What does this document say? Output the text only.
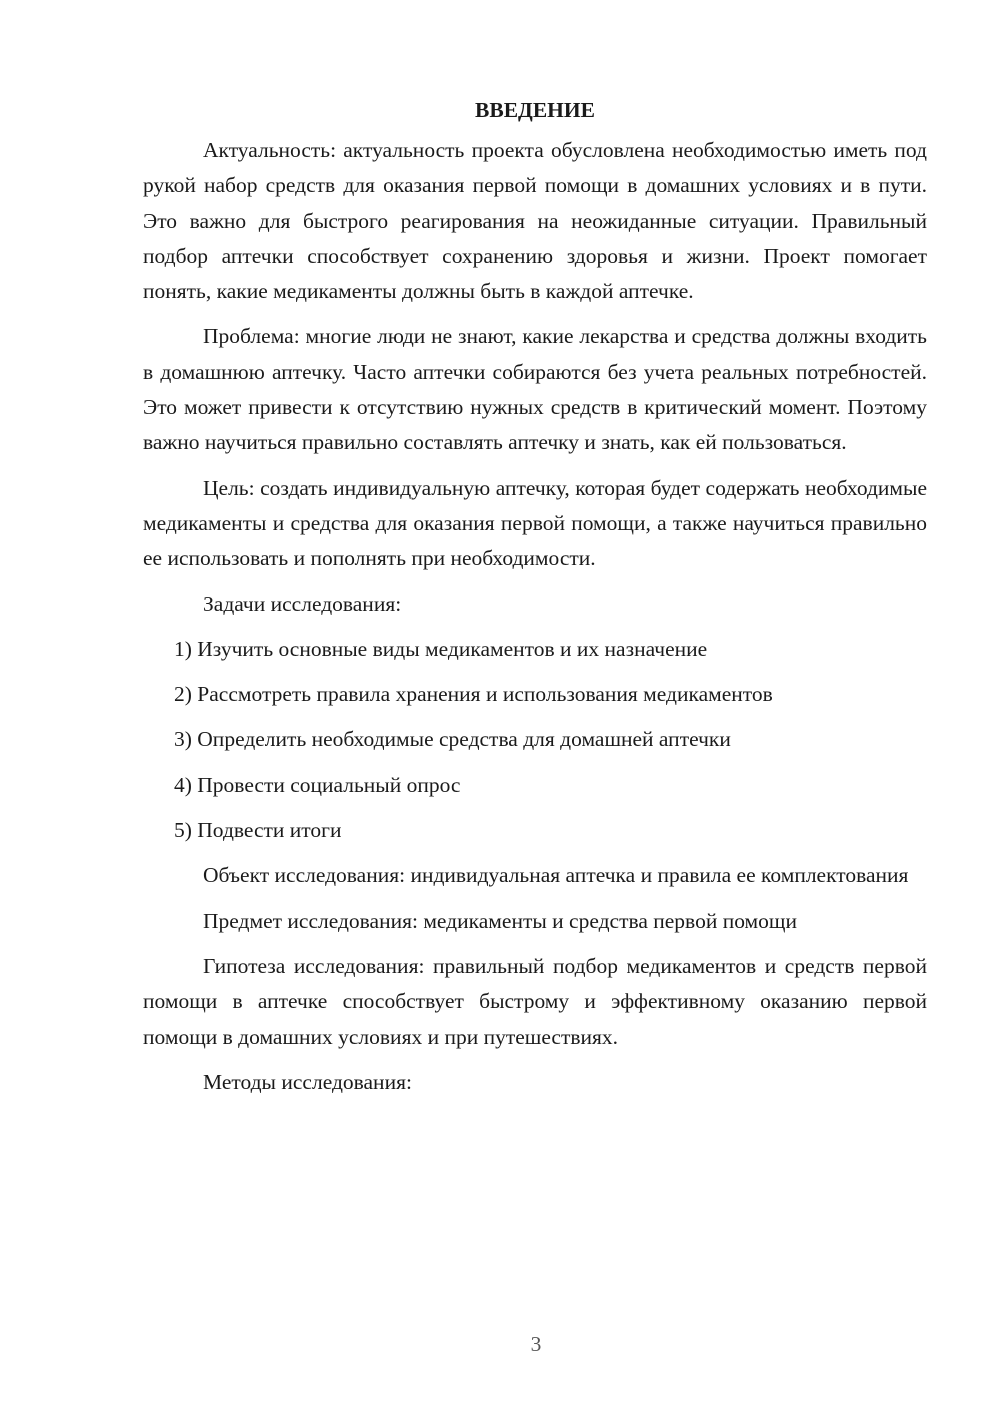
ВВЕДЕНИЕ

Актуальность: актуальность проекта обусловлена необходимостью иметь под рукой набор средств для оказания первой помощи в домашних условиях и в пути. Это важно для быстрого реагирования на неожиданные ситуации. Правильный подбор аптечки способствует сохранению здоровья и жизни. Проект помогает понять, какие медикаменты должны быть в каждой аптечке.

Проблема: многие люди не знают, какие лекарства и средства должны входить в домашнюю аптечку. Часто аптечки собираются без учета реальных потребностей. Это может привести к отсутствию нужных средств в критический момент. Поэтому важно научиться правильно составлять аптечку и знать, как ей пользоваться.

Цель: создать индивидуальную аптечку, которая будет содержать необходимые медикаменты и средства для оказания первой помощи, а также научиться правильно ее использовать и пополнять при необходимости.

Задачи исследования:

1) Изучить основные виды медикаментов и их назначение

2) Рассмотреть правила хранения и использования медикаментов

3) Определить необходимые средства для домашней аптечки

4) Провести социальный опрос

5) Подвести итоги

Объект исследования: индивидуальная аптечка и правила ее комплектования

Предмет исследования: медикаменты и средства первой помощи

Гипотеза исследования: правильный подбор медикаментов и средств первой помощи в аптечке способствует быстрому и эффективному оказанию первой помощи в домашних условиях и при путешествиях.

Методы исследования:

3
